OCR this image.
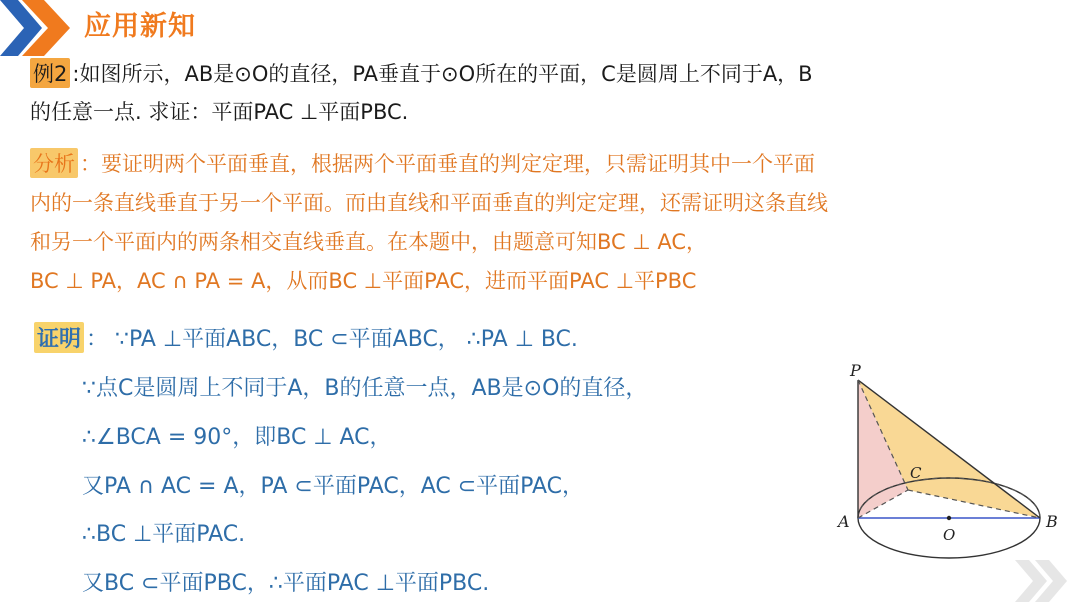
应用新知
例2 :如图所示，AB是⊙O的直径，PA垂直于⊙O所在的平面，C是圆周上不同于A，B
的任意一点. 求证：平面PAC ⊥平面PBC.
分析 ：要证明两个平面垂直，根据两个平面垂直的判定定理，只需证明其中一个平面
内的一条直线垂直于另一个平面。而由直线和平面垂直的判定定理，还需证明这条直线
和另一个平面内的两条相交直线垂直。在本题中，由题意可知BC ⊥ AC，
BC ⊥ PA，AC ∩ PA = A，从而BC ⊥平面PAC，进而平面PAC ⊥平PBC
证明 ： ∵PA ⊥平面ABC，BC ⊂平面ABC， ∴PA ⊥ BC.
∵点C是圆周上不同于A，B的任意一点，AB是⊙O的直径，
∴∠BCA = 90°，即BC ⊥ AC，
又PA ∩ AC = A，PA ⊂平面PAC，AC ⊂平面PAC，
∴BC ⊥平面PAC.
又BC ⊂平面PBC，∴平面PAC ⊥平面PBC.
P
A	B
C
O
